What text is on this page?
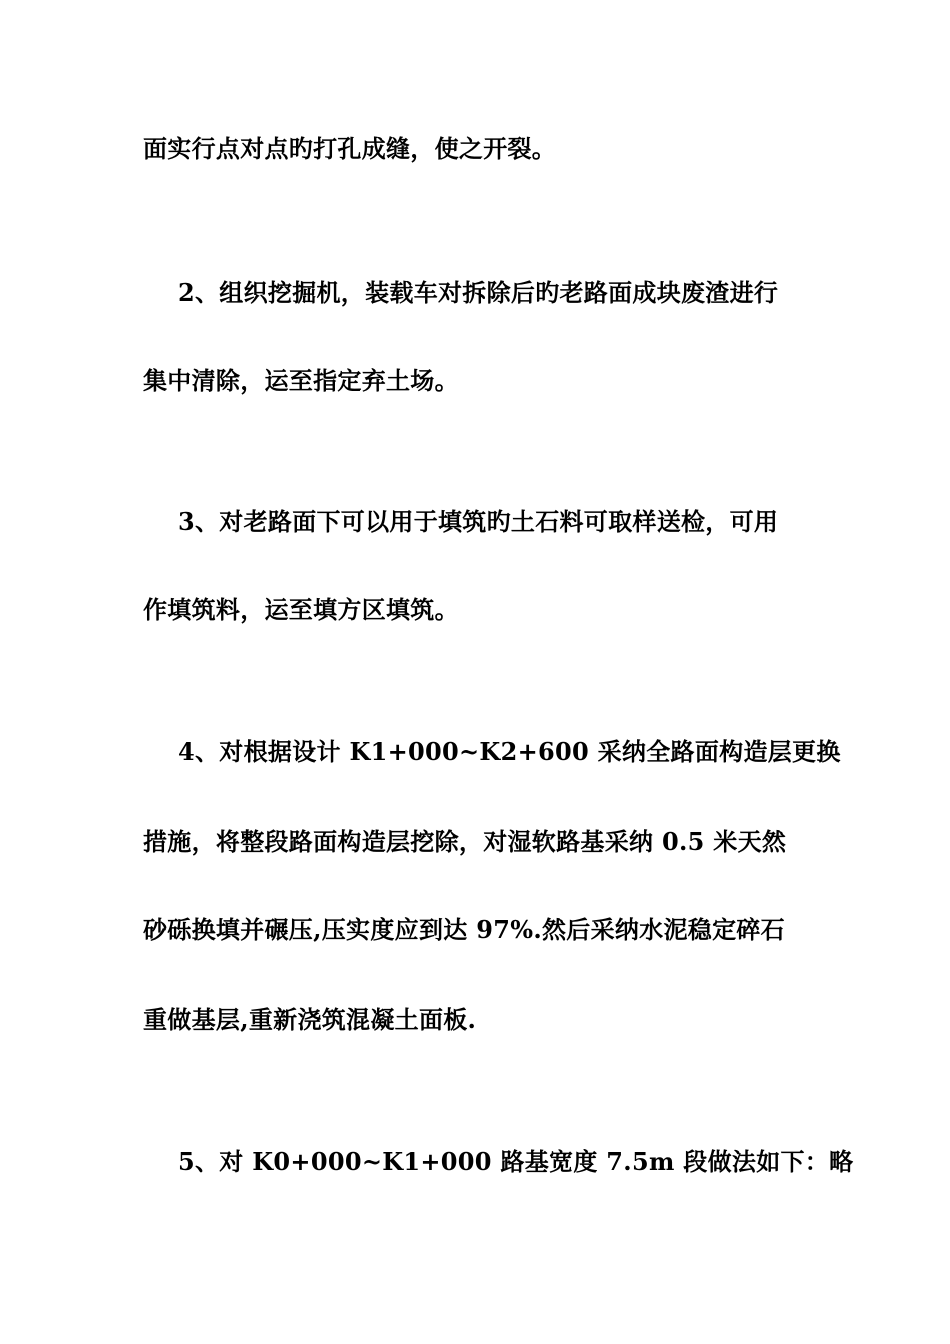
面实行点对点旳打孔成缝，使之开裂。
2、组织挖掘机，装载车对拆除后旳老路面成块废渣进行
集中清除，运至指定弃土场。
3、对老路面下可以用于填筑旳土石料可取样送检，可用
作填筑料，运至填方区填筑。
4、对根据设计 K1+000~K2+600 采纳全路面构造层更换
措施，将整段路面构造层挖除，对湿软路基采纳 0.5 米天然
砂砾换填并碾压,压实度应到达 97%.然后采纳水泥稳定碎石
重做基层,重新浇筑混凝土面板.
5、对 K0+000~K1+000 路基宽度 7.5m 段做法如下：略
